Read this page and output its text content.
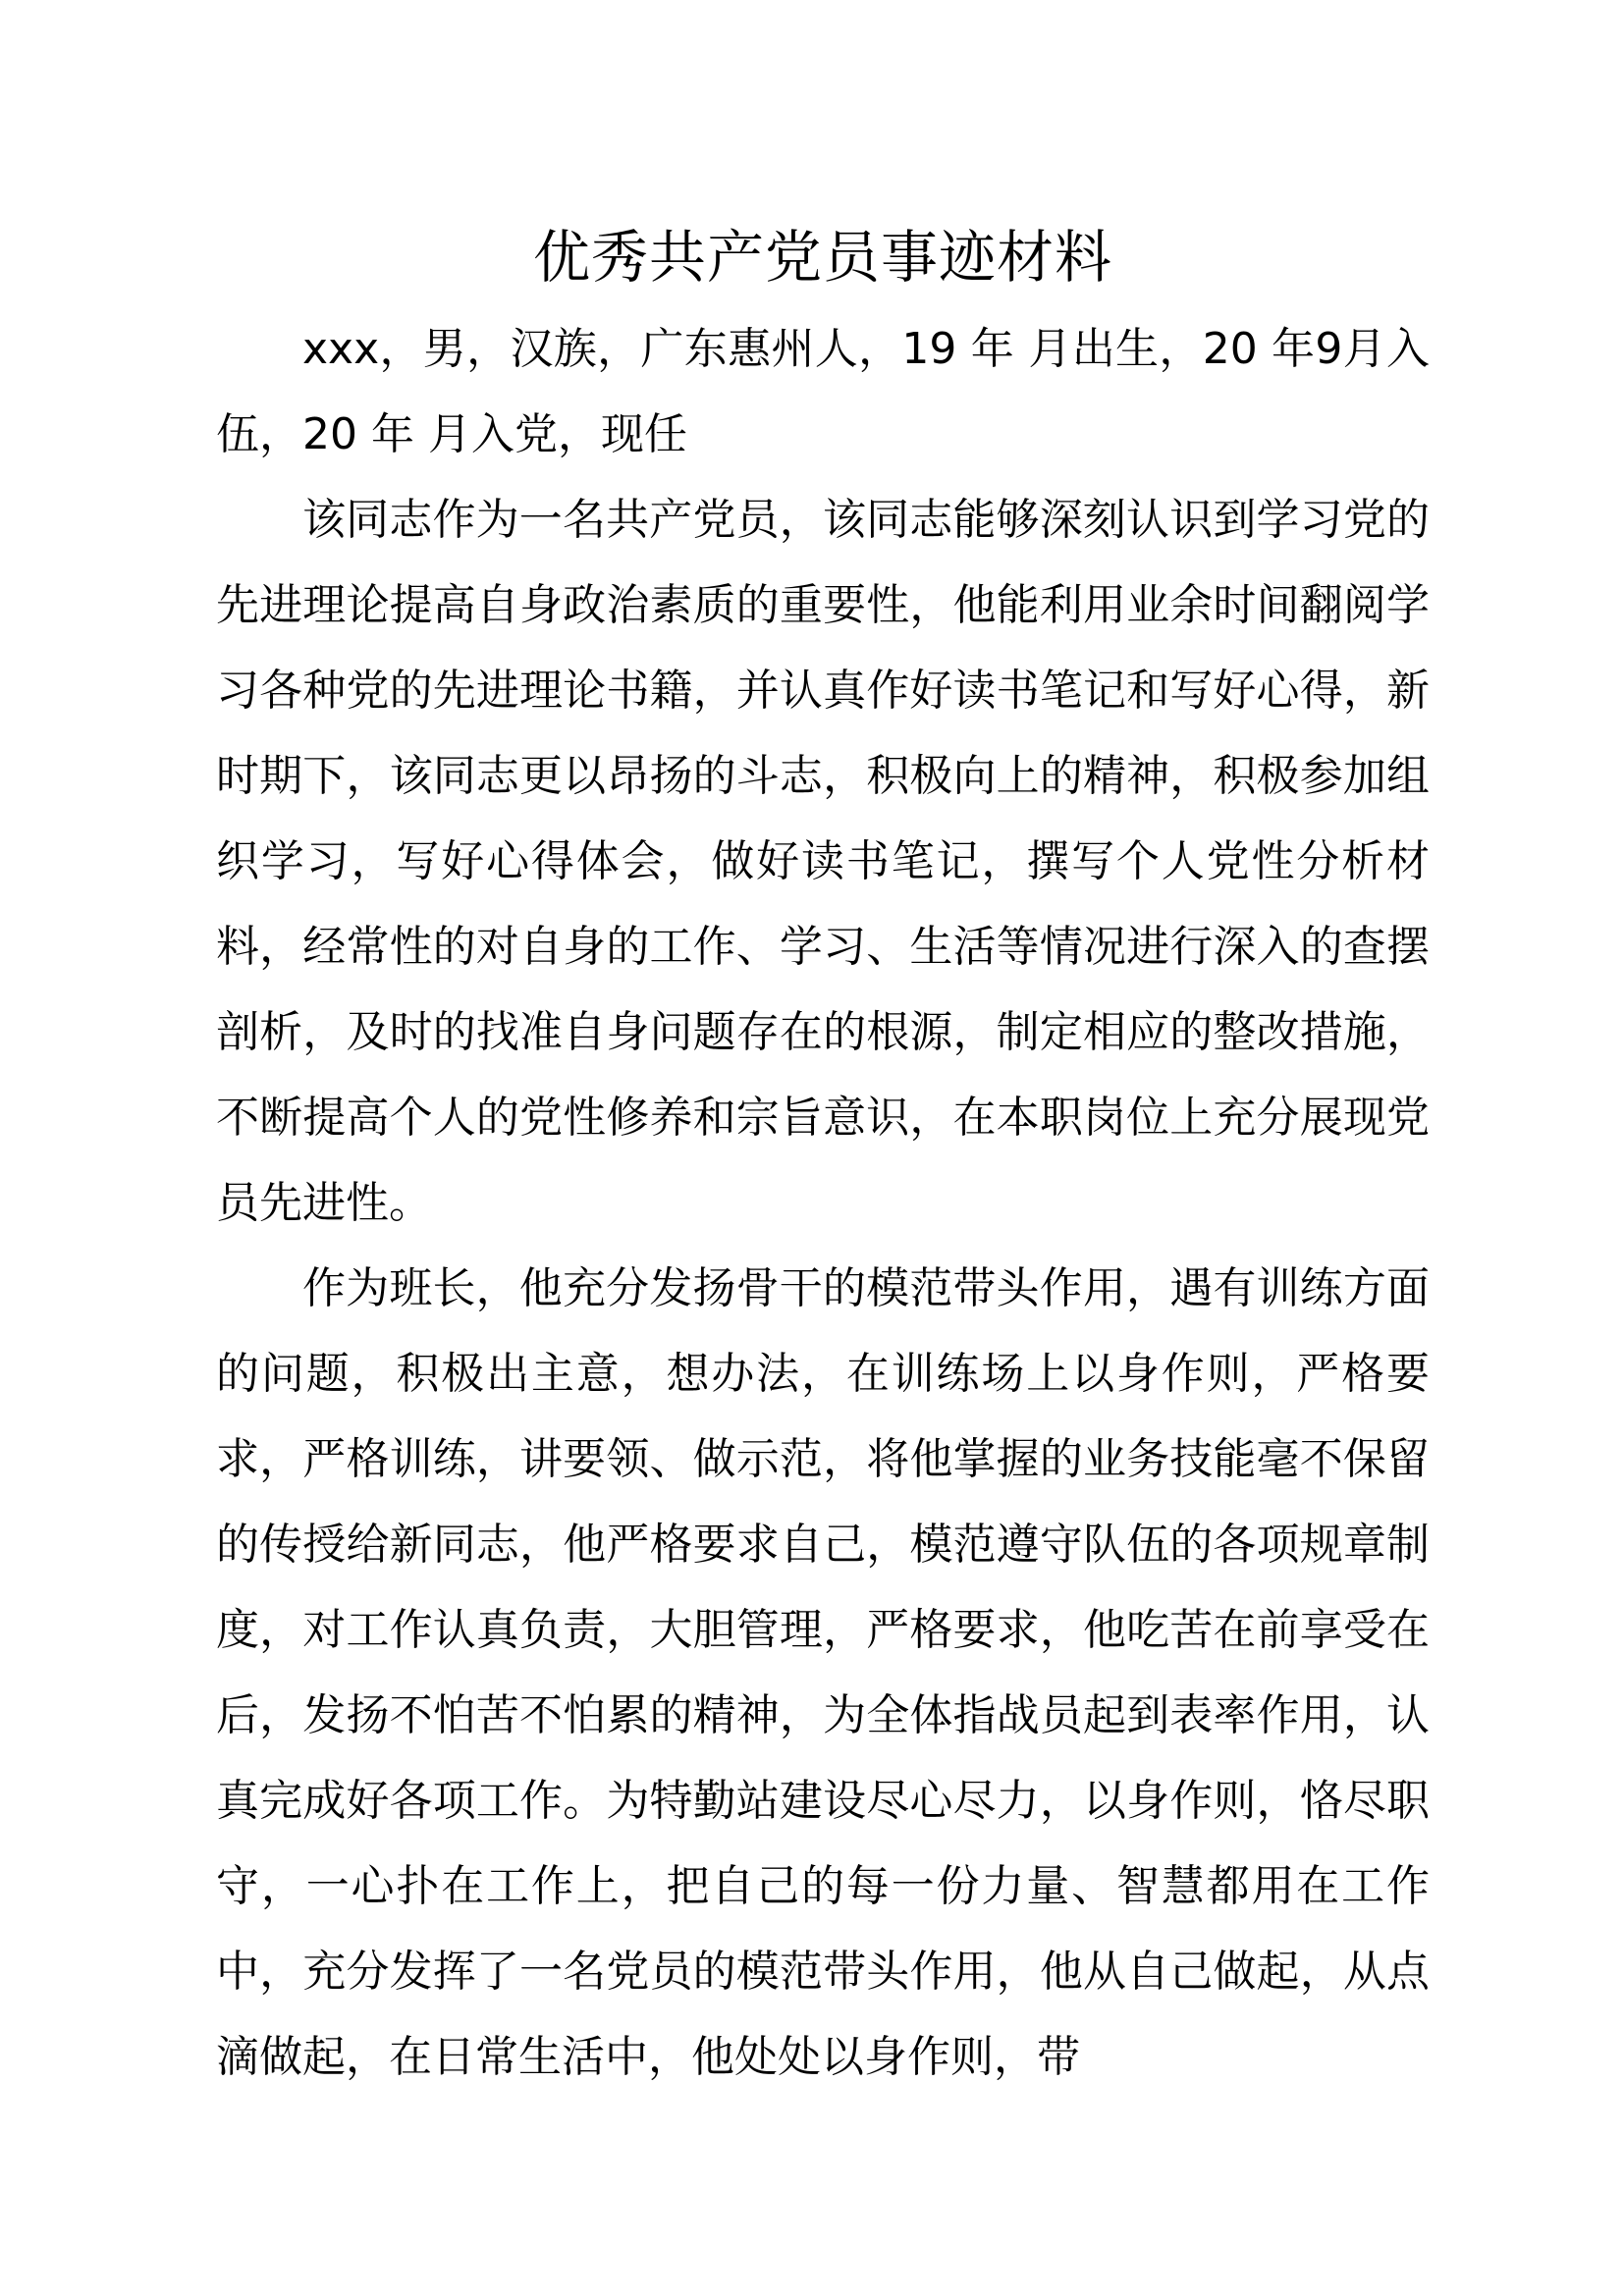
优秀共产党员事迹材料

xxx，男，汉族，广东惠州人，19 年 月出生，20 年9月入伍，20 年 月入党，现任

该同志作为一名共产党员，该同志能够深刻认识到学习党的先进理论提高自身政治素质的重要性，他能利用业余时间翻阅学习各种党的先进理论书籍，并认真作好读书笔记和写好心得，新时期下，该同志更以昂扬的斗志，积极向上的精神，积极参加组织学习，写好心得体会，做好读书笔记，撰写个人党性分析材料，经常性的对自身的工作、学习、生活等情况进行深入的查摆剖析，及时的找准自身问题存在的根源，制定相应的整改措施，不断提高个人的党性修养和宗旨意识，在本职岗位上充分展现党员先进性。

作为班长，他充分发扬骨干的模范带头作用，遇有训练方面的问题，积极出主意，想办法，在训练场上以身作则，严格要求，严格训练，讲要领、做示范，将他掌握的业务技能毫不保留的传授给新同志，他严格要求自己，模范遵守队伍的各项规章制度，对工作认真负责，大胆管理，严格要求，他吃苦在前享受在后，发扬不怕苦不怕累的精神，为全体指战员起到表率作用，认真完成好各项工作。为特勤站建设尽心尽力，以身作则，恪尽职守，一心扑在工作上，把自己的每一份力量、智慧都用在工作中，充分发挥了一名党员的模范带头作用，他从自己做起，从点滴做起，在日常生活中，他处处以身作则，带
